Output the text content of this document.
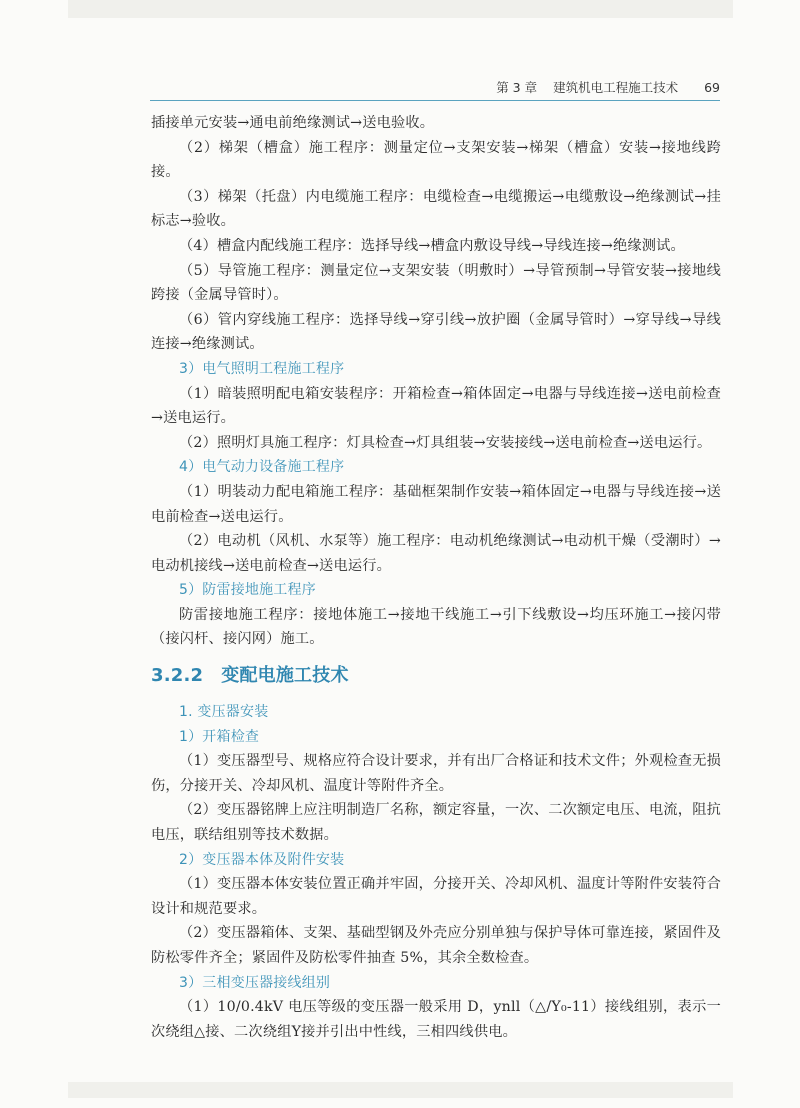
第 3 章 建筑机电工程施工技术 69

插接单元安装→通电前绝缘测试→送电验收。

（2）梯架（槽盒）施工程序：测量定位→支架安装→梯架（槽盒）安装→接地线跨接。

（3）梯架（托盘）内电缆施工程序：电缆检查→电缆搬运→电缆敷设→绝缘测试→挂标志→验收。

（4）槽盒内配线施工程序：选择导线→槽盒内敷设导线→导线连接→绝缘测试。

（5）导管施工程序：测量定位→支架安装（明敷时）→导管预制→导管安装→接地线跨接（金属导管时）。

（6）管内穿线施工程序：选择导线→穿引线→放护圈（金属导管时）→穿导线→导线连接→绝缘测试。

3）电气照明工程施工程序

（1）暗装照明配电箱安装程序：开箱检查→箱体固定→电器与导线连接→送电前检查→送电运行。

（2）照明灯具施工程序：灯具检查→灯具组装→安装接线→送电前检查→送电运行。

4）电气动力设备施工程序

（1）明装动力配电箱施工程序：基础框架制作安装→箱体固定→电器与导线连接→送电前检查→送电运行。

（2）电动机（风机、水泵等）施工程序：电动机绝缘测试→电动机干燥（受潮时）→电动机接线→送电前检查→送电运行。

5）防雷接地施工程序

防雷接地施工程序：接地体施工→接地干线施工→引下线敷设→均压环施工→接闪带（接闪杆、接闪网）施工。

3.2.2 变配电施工技术

1. 变压器安装

1）开箱检查

（1）变压器型号、规格应符合设计要求，并有出厂合格证和技术文件；外观检查无损伤，分接开关、冷却风机、温度计等附件齐全。

（2）变压器铭牌上应注明制造厂名称，额定容量，一次、二次额定电压、电流，阻抗电压，联结组别等技术数据。

2）变压器本体及附件安装

（1）变压器本体安装位置正确并牢固，分接开关、冷却风机、温度计等附件安装符合设计和规范要求。

（2）变压器箱体、支架、基础型钢及外壳应分别单独与保护导体可靠连接，紧固件及防松零件齐全；紧固件及防松零件抽查 5%，其余全数检查。

3）三相变压器接线组别

（1）10/0.4kV 电压等级的变压器一般采用 D，ynll（△/Y₀-11）接线组别，表示一次绕组△接、二次绕组Y接并引出中性线，三相四线供电。
